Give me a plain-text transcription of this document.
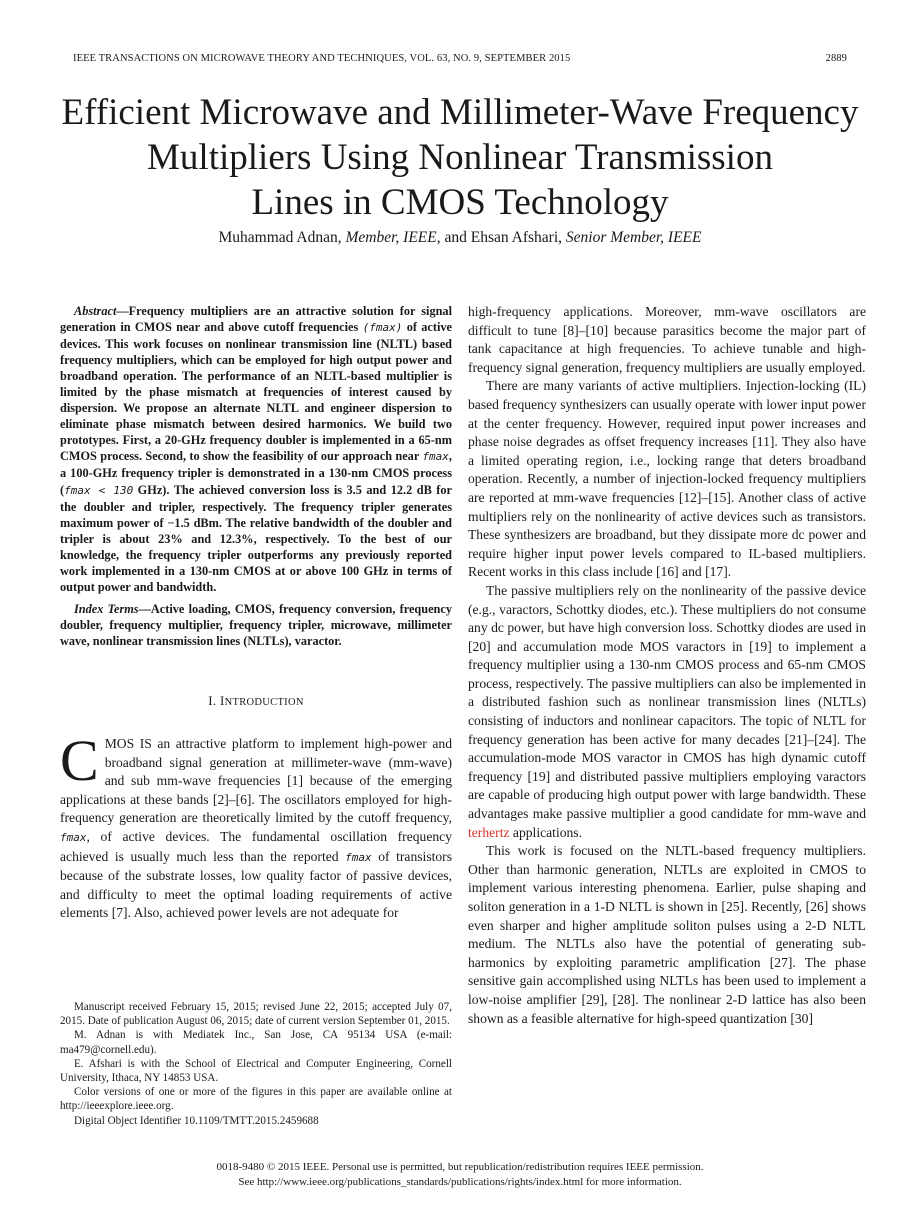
IEEE TRANSACTIONS ON MICROWAVE THEORY AND TECHNIQUES, VOL. 63, NO. 9, SEPTEMBER 2015	2889
Efficient Microwave and Millimeter-Wave Frequency
Multipliers Using Nonlinear Transmission
Lines in CMOS Technology
Muhammad Adnan, Member, IEEE, and Ehsan Afshari, Senior Member, IEEE

Abstract—Frequency multipliers are an attractive solution for signal generation in CMOS near and above cutoff frequencies (fmax) of active devices. This work focuses on nonlinear transmission line (NLTL) based frequency multipliers, which can be employed for high output power and broadband operation. The performance of an NLTL-based multiplier is limited by the phase mismatch at frequencies of interest caused by dispersion. We propose an alternate NLTL and engineer dispersion to eliminate phase mismatch between desired harmonics. We build two prototypes. First, a 20-GHz frequency doubler is implemented in a 65-nm CMOS process. Second, to show the feasibility of our approach near fmax, a 100-GHz frequency tripler is demonstrated in a 130-nm CMOS process (fmax < 130 GHz). The achieved conversion loss is 3.5 and 12.2 dB for the doubler and tripler, respectively. The frequency tripler generates maximum power of −1.5 dBm. The relative bandwidth of the doubler and tripler is about 23% and 12.3%, respectively. To the best of our knowledge, the frequency tripler outperforms any previously reported work implemented in a 130-nm CMOS at or above 100 GHz in terms of output power and bandwidth.

Index Terms—Active loading, CMOS, frequency conversion, frequency doubler, frequency multiplier, frequency tripler, microwave, millimeter wave, nonlinear transmission lines (NLTLs), varactor.

I. INTRODUCTION

CMOS IS an attractive platform to implement high-power and broadband signal generation at millimeter-wave (mm-wave) and sub mm-wave frequencies [1] because of the emerging applications at these bands [2]–[6]. The oscillators employed for high-frequency generation are theoretically limited by the cutoff frequency, fmax, of active devices. The fundamental oscillation frequency achieved is usually much less than the reported fmax of transistors because of the substrate losses, low quality factor of passive devices, and difficulty to meet the optimal loading requirements of active elements [7]. Also, achieved power levels are not adequate for

Manuscript received February 15, 2015; revised June 22, 2015; accepted July 07, 2015. Date of publication August 06, 2015; date of current version September 01, 2015.

M. Adnan is with Mediatek Inc., San Jose, CA 95134 USA (e-mail: ma479@cornell.edu).

E. Afshari is with the School of Electrical and Computer Engineering, Cornell University, Ithaca, NY 14853 USA.

Color versions of one or more of the figures in this paper are available online at http://ieeexplore.ieee.org.

Digital Object Identifier 10.1109/TMTT.2015.2459688

high-frequency applications. Moreover, mm-wave oscillators are difficult to tune [8]–[10] because parasitics become the major part of tank capacitance at high frequencies. To achieve tunable and high-frequency signal generation, frequency multipliers are usually employed.

There are many variants of active multipliers. Injection-locking (IL) based frequency synthesizers can usually operate with lower input power at the center frequency. However, required input power increases and phase noise degrades as offset frequency increases [11]. They also have a limited operating region, i.e., locking range that deters broadband operation. Recently, a number of injection-locked frequency multipliers are reported at mm-wave frequencies [12]–[15]. Another class of active multipliers rely on the nonlinearity of active devices such as transistors. These synthesizers are broadband, but they dissipate more dc power and require higher input power levels compared to IL-based multipliers. Recent works in this class include [16] and [17].

The passive multipliers rely on the nonlinearity of the passive device (e.g., varactors, Schottky diodes, etc.). These multipliers do not consume any dc power, but have high conversion loss. Schottky diodes are used in [20] and accumulation mode MOS varactors in [19] to implement a frequency multiplier using a 130-nm CMOS process and 65-nm CMOS process, respectively. The passive multipliers can also be implemented in a distributed fashion such as nonlinear transmission lines (NLTLs) consisting of inductors and nonlinear capacitors. The topic of NLTL for frequency generation has been active for many decades [21]–[24]. The accumulation-mode MOS varactor in CMOS has high dynamic cutoff frequency [19] and distributed passive multipliers employing varactors are capable of producing high output power with large bandwidth. These advantages make passive multiplier a good candidate for mm-wave and terhertz applications.

This work is focused on the NLTL-based frequency multipliers. Other than harmonic generation, NLTLs are exploited in CMOS to implement various interesting phenomena. Earlier, pulse shaping and soliton generation in a 1-D NLTL is shown in [25]. Recently, [26] shows even sharper and higher amplitude soliton pulses using a 2-D NLTL medium. The NLTLs also have the potential of generating sub-harmonics by exploiting parametric amplification [27]. The phase sensitive gain accomplished using NLTLs has been used to implement a low-noise amplifier [29], [28]. The nonlinear 2-D lattice has also been shown as a feasible alternative for high-speed quantization [30]

0018-9480 © 2015 IEEE. Personal use is permitted, but republication/redistribution requires IEEE permission.
See http://www.ieee.org/publications_standards/publications/rights/index.html for more information.
